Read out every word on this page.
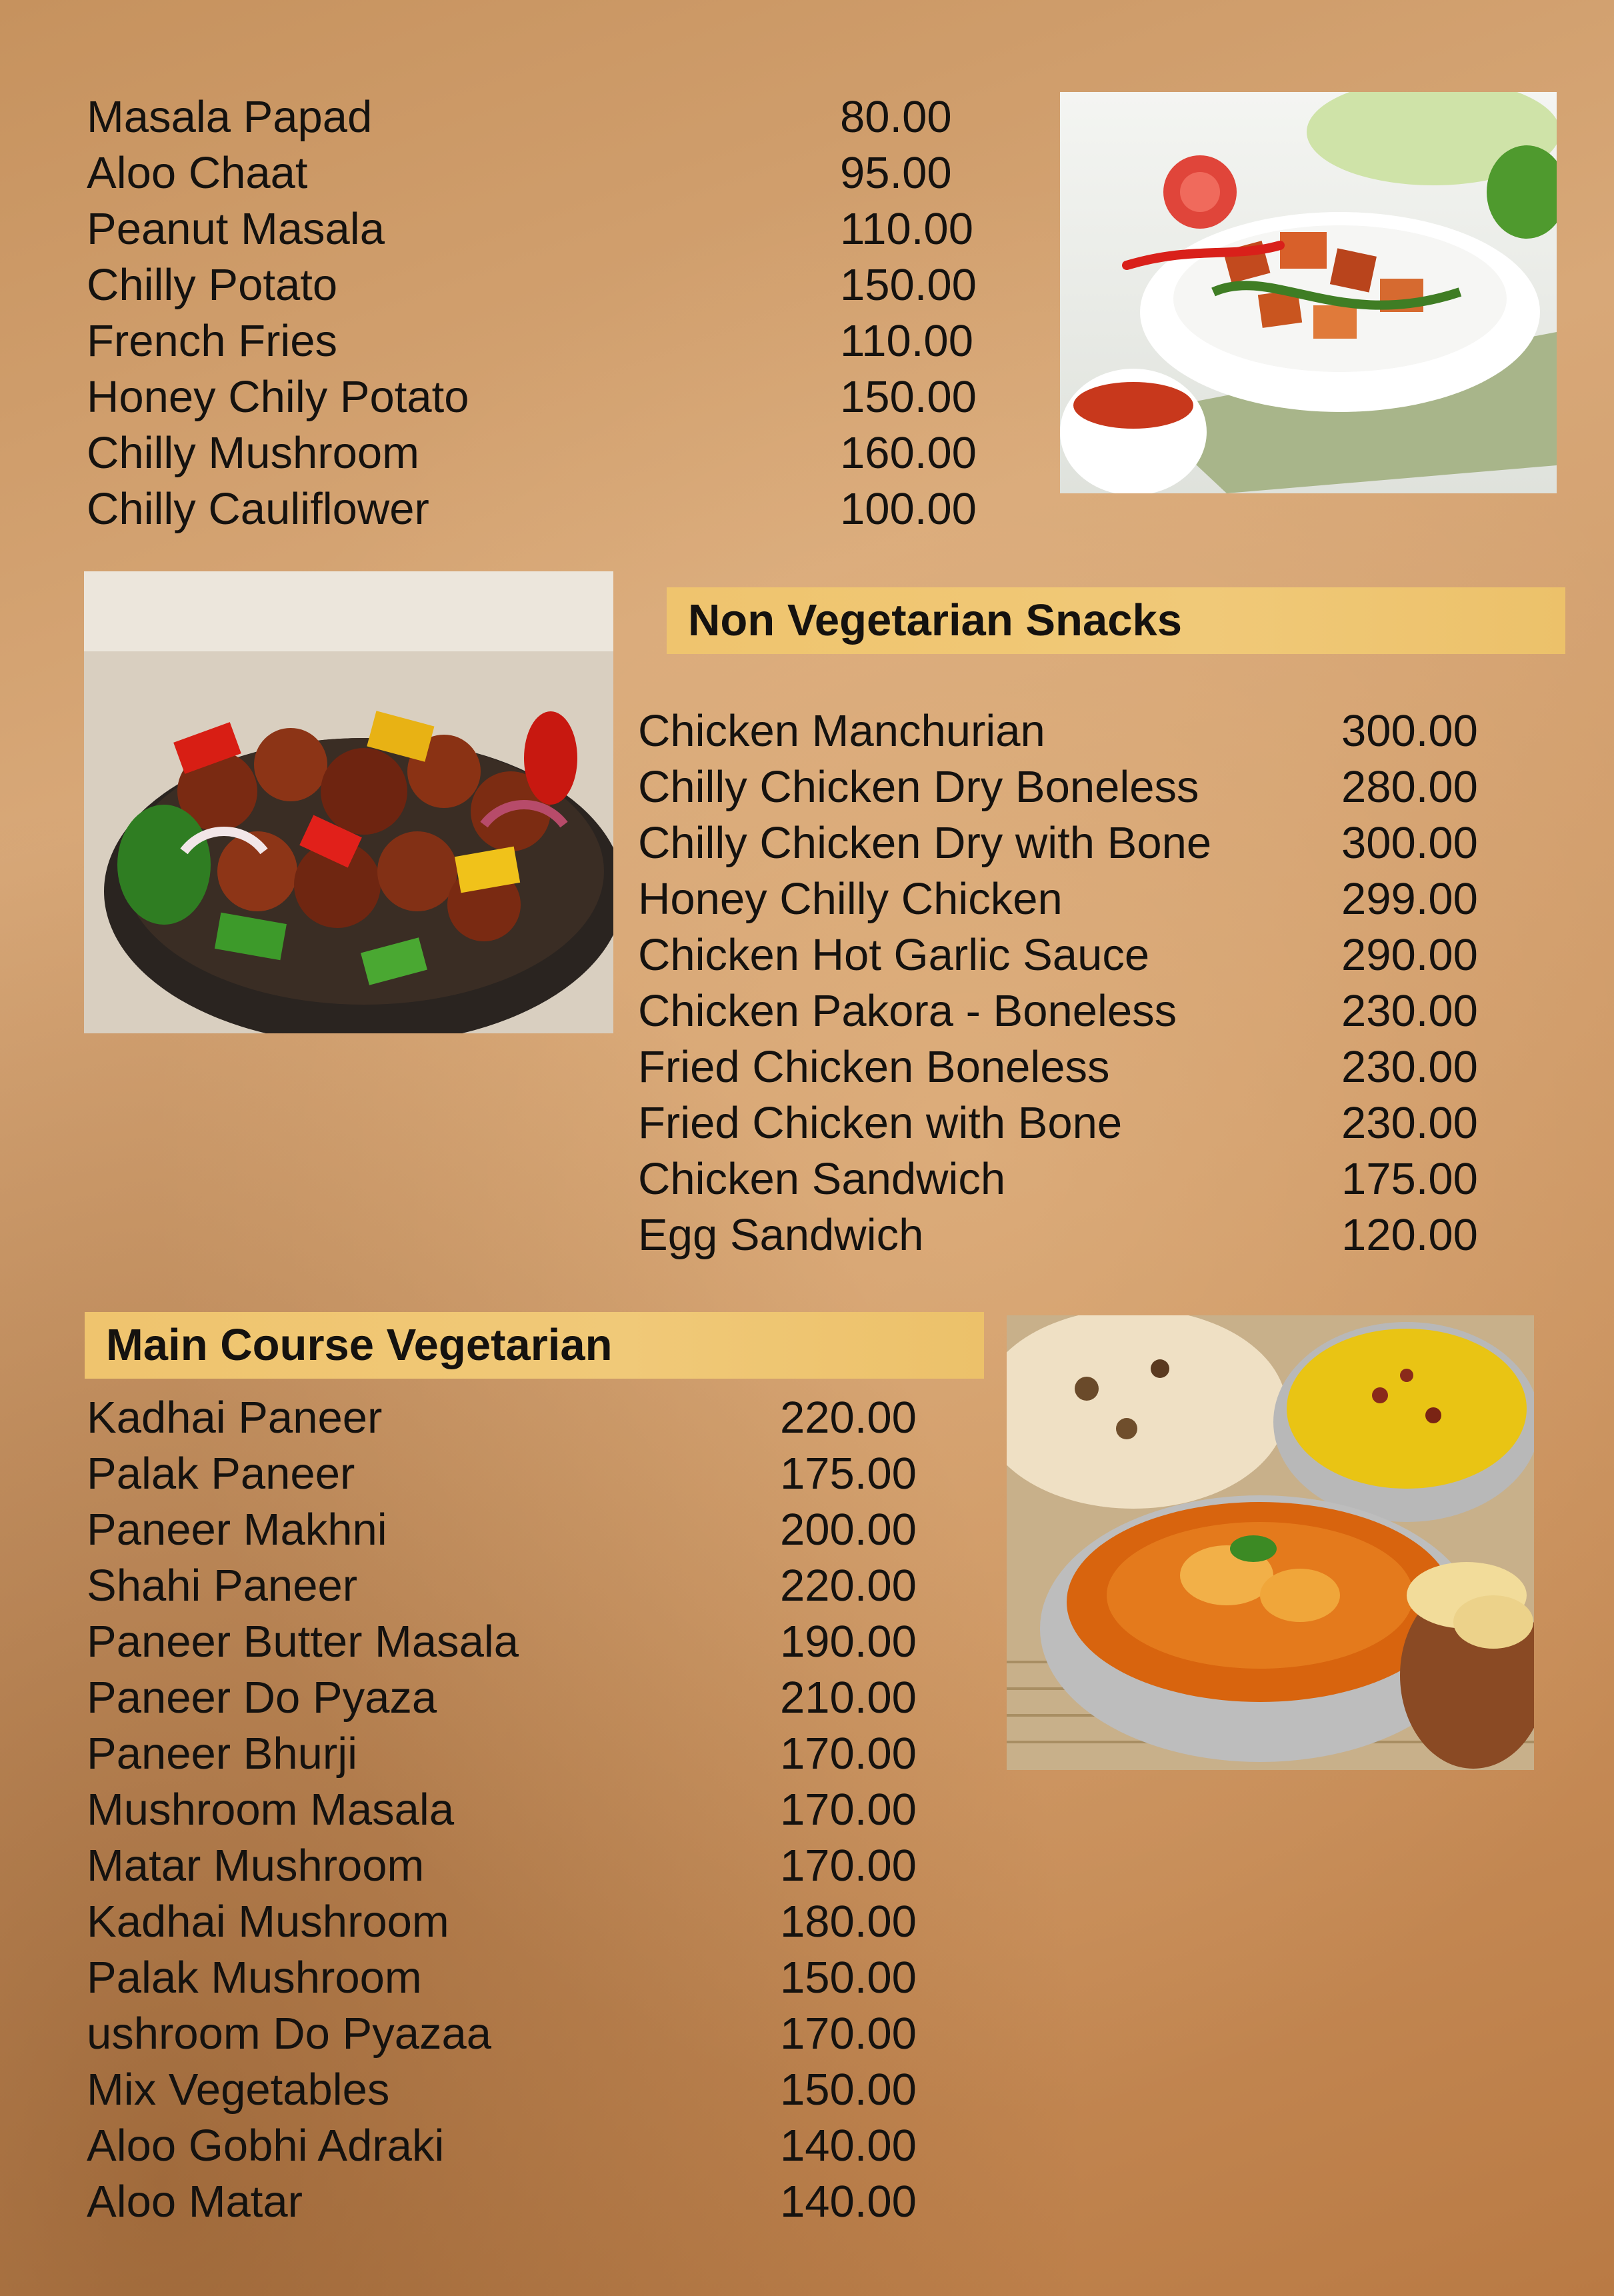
Masala Papad	80.00
Aloo Chaat	95.00
Peanut Masala	110.00
Chilly Potato	150.00
French Fries	110.00
Honey Chily Potato	150.00
Chilly Mushroom	160.00
Chilly Cauliflower	100.00
Non Vegetarian Snacks
Chicken Manchurian	300.00
Chilly Chicken Dry Boneless	280.00
Chilly Chicken Dry with Bone	300.00
Honey Chilly Chicken	299.00
Chicken Hot Garlic Sauce	290.00
Chicken Pakora - Boneless	230.00
Fried Chicken Boneless	230.00
Fried Chicken with Bone	230.00
Chicken Sandwich	175.00
Egg Sandwich	120.00
Main Course Vegetarian
Kadhai Paneer	220.00
Palak Paneer	175.00
Paneer Makhni	200.00
Shahi Paneer	220.00
Paneer Butter Masala	190.00
Paneer Do Pyaza	210.00
Paneer Bhurji	170.00
Mushroom Masala	170.00
Matar Mushroom	170.00
Kadhai Mushroom	180.00
Palak Mushroom	150.00
ushroom Do Pyazaa	170.00
Mix Vegetables	150.00
Aloo Gobhi Adraki	140.00
Aloo Matar	140.00
